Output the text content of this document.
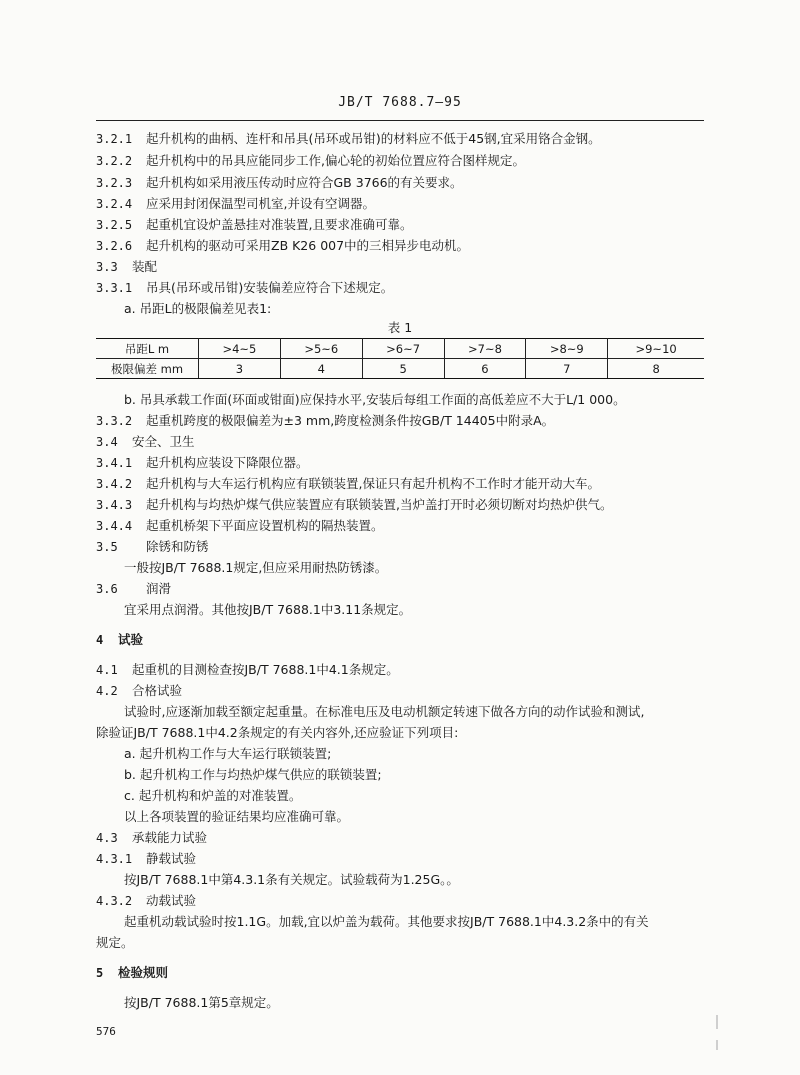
JB/T 7688.7—95
3.2.1 起升机构的曲柄、连杆和吊具(吊环或吊钳)的材料应不低于45钢,宜采用铬合金钢。
3.2.2 起升机构中的吊具应能同步工作,偏心轮的初始位置应符合图样规定。
3.2.3 起升机构如采用液压传动时应符合GB 3766的有关要求。
3.2.4 应采用封闭保温型司机室,并设有空调器。
3.2.5 起重机宜设炉盖悬挂对准装置,且要求准确可靠。
3.2.6 起升机构的驱动可采用ZB K26 007中的三相异步电动机。
3.3 装配
3.3.1 吊具(吊环或吊钳)安装偏差应符合下述规定。
a. 吊距L的极限偏差见表1:
表 1
吊距L m	>4~5	>5~6	>6~7	>7~8	>8~9	>9~10
极限偏差 mm	3	4	5	6	7	8
b. 吊具承载工作面(环面或钳面)应保持水平,安装后每组工作面的高低差应不大于L/1 000。
3.3.2 起重机跨度的极限偏差为±3 mm,跨度检测条件按GB/T 14405中附录A。
3.4 安全、卫生
3.4.1 起升机构应装设下降限位器。
3.4.2 起升机构与大车运行机构应有联锁装置,保证只有起升机构不工作时才能开动大车。
3.4.3 起升机构与均热炉煤气供应装置应有联锁装置,当炉盖打开时必须切断对均热炉供气。
3.4.4 起重机桥架下平面应设置机构的隔热装置。
3.5 除锈和防锈
一般按JB/T 7688.1规定,但应采用耐热防锈漆。
3.6 润滑
宜采用点润滑。其他按JB/T 7688.1中3.11条规定。
4 试验
4.1 起重机的目测检查按JB/T 7688.1中4.1条规定。
4.2 合格试验
试验时,应逐渐加载至额定起重量。在标准电压及电动机额定转速下做各方向的动作试验和测试,
除验证JB/T 7688.1中4.2条规定的有关内容外,还应验证下列项目:
a. 起升机构工作与大车运行联锁装置;
b. 起升机构工作与均热炉煤气供应的联锁装置;
c. 起升机构和炉盖的对准装置。
以上各项装置的验证结果均应准确可靠。
4.3 承载能力试验
4.3.1 静载试验
按JB/T 7688.1中第4.3.1条有关规定。试验载荷为1.25G。。
4.3.2 动载试验
起重机动载试验时按1.1G。加载,宜以炉盖为载荷。其他要求按JB/T 7688.1中4.3.2条中的有关
规定。
5 检验规则
按JB/T 7688.1第5章规定。
576
